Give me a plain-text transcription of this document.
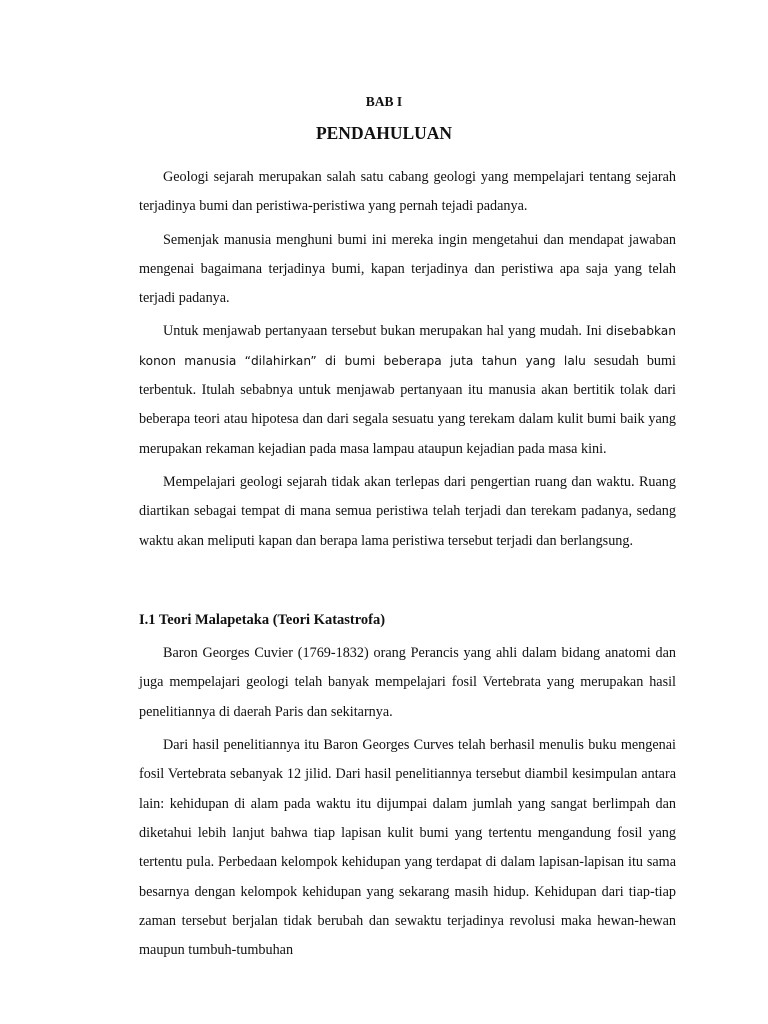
BAB I
PENDAHULUAN

Geologi sejarah merupakan salah satu cabang geologi yang mempelajari tentang sejarah terjadinya bumi dan peristiwa-peristiwa yang pernah tejadi padanya.

Semenjak manusia menghuni bumi ini mereka ingin mengetahui dan mendapat jawaban mengenai bagaimana terjadinya bumi, kapan terjadinya dan peristiwa apa saja yang telah terjadi padanya.

Untuk menjawab pertanyaan tersebut bukan merupakan hal yang mudah. Ini disebabkan konon manusia “dilahirkan” di bumi beberapa juta tahun yang lalu sesudah bumi terbentuk. Itulah sebabnya untuk menjawab pertanyaan itu manusia akan bertitik tolak dari beberapa teori atau hipotesa dan dari segala sesuatu yang terekam dalam kulit bumi baik yang merupakan rekaman kejadian pada masa lampau ataupun kejadian pada masa kini.

Mempelajari geologi sejarah tidak akan terlepas dari pengertian ruang dan waktu. Ruang diartikan sebagai tempat di mana semua peristiwa telah terjadi dan terekam padanya, sedang waktu akan meliputi kapan dan berapa lama peristiwa tersebut terjadi dan berlangsung.

I.1 Teori Malapetaka (Teori Katastrofa)

Baron Georges Cuvier (1769-1832) orang Perancis yang ahli dalam bidang anatomi dan juga mempelajari geologi telah banyak mempelajari fosil Vertebrata yang merupakan hasil penelitiannya di daerah Paris dan sekitarnya.

Dari hasil penelitiannya itu Baron Georges Curves telah berhasil menulis buku mengenai fosil Vertebrata sebanyak 12 jilid. Dari hasil penelitiannya tersebut diambil kesimpulan antara lain: kehidupan di alam pada waktu itu dijumpai dalam jumlah yang sangat berlimpah dan diketahui lebih lanjut bahwa tiap lapisan kulit bumi yang tertentu mengandung fosil yang tertentu pula. Perbedaan kelompok kehidupan yang terdapat di dalam lapisan-lapisan itu sama besarnya dengan kelompok kehidupan yang sekarang masih hidup. Kehidupan dari tiap-tiap zaman tersebut berjalan tidak berubah dan sewaktu terjadinya revolusi maka hewan-hewan maupun tumbuh-tumbuhan
